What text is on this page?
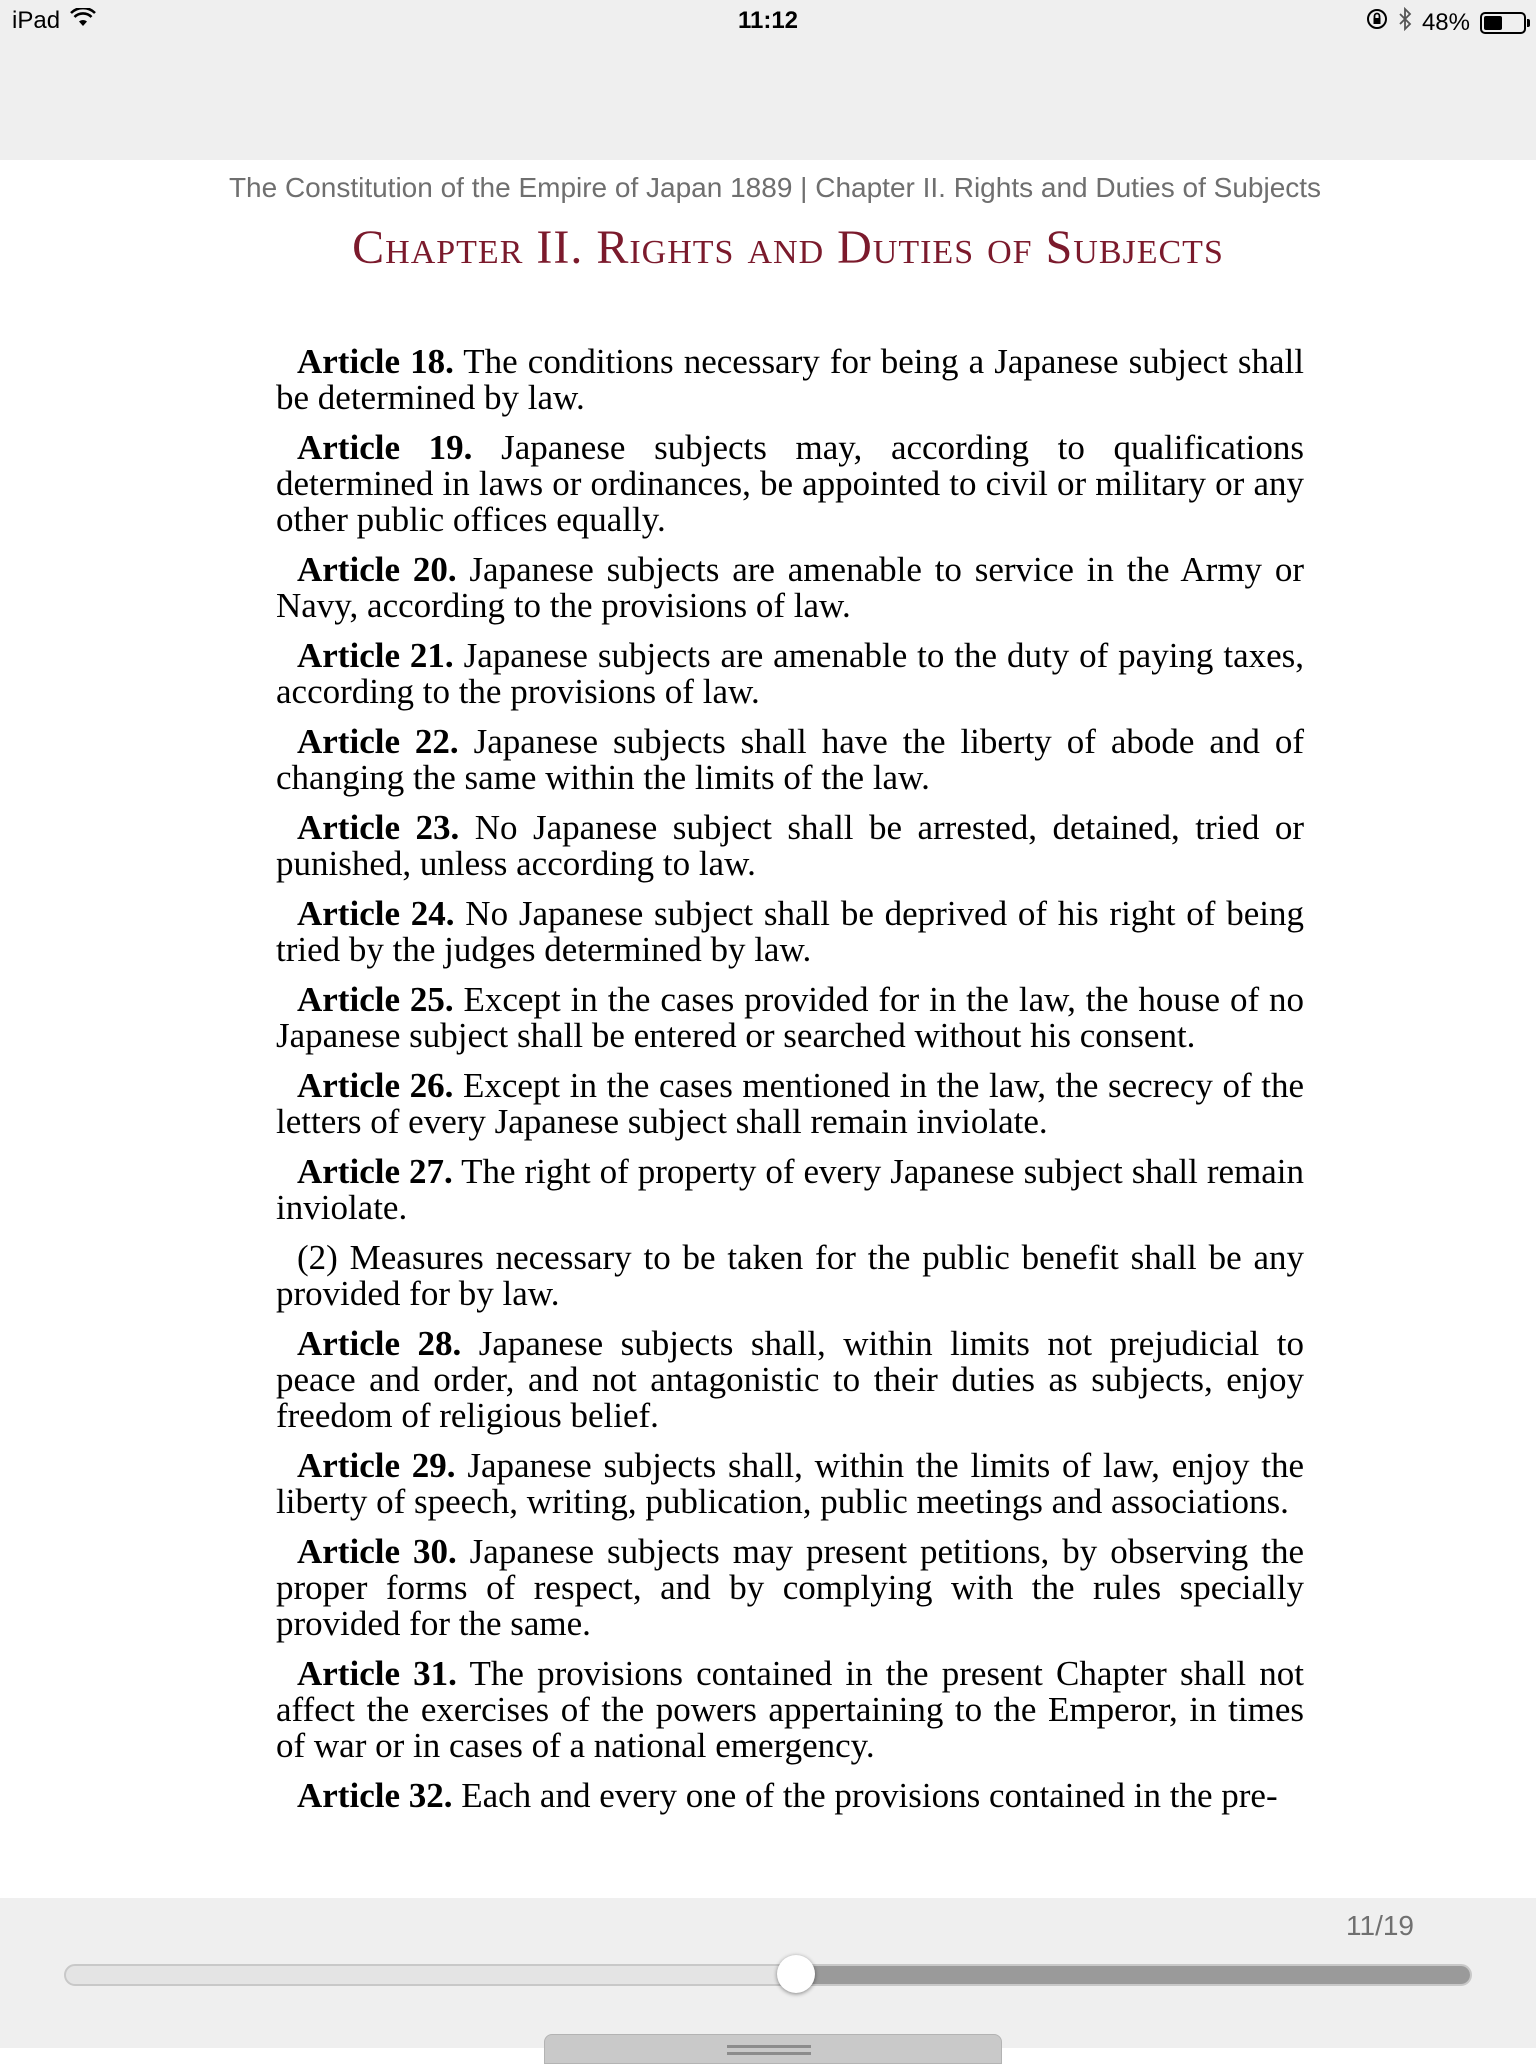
iPad	11:12	48%
The Constitution of the Empire of Japan 1889 | Chapter II. Rights and Duties of Subjects
Chapter II. Rights and Duties of Subjects

Article 18. The conditions necessary for being a Japanese subject shall be determined by law.

Article 19. Japanese subjects may, according to qualifications determined in laws or ordinances, be appointed to civil or military or any other public offices equally.

Article 20. Japanese subjects are amenable to service in the Army or Navy, according to the provisions of law.

Article 21. Japanese subjects are amenable to the duty of paying taxes, according to the provisions of law.

Article 22. Japanese subjects shall have the liberty of abode and of changing the same within the limits of the law.

Article 23. No Japanese subject shall be arrested, detained, tried or punished, unless according to law.

Article 24. No Japanese subject shall be deprived of his right of being tried by the judges determined by law.

Article 25. Except in the cases provided for in the law, the house of no Japanese subject shall be entered or searched without his consent.

Article 26. Except in the cases mentioned in the law, the secrecy of the letters of every Japanese subject shall remain inviolate.

Article 27. The right of property of every Japanese subject shall remain inviolate.

(2) Measures necessary to be taken for the public benefit shall be any provided for by law.

Article 28. Japanese subjects shall, within limits not prejudicial to peace and order, and not antagonistic to their duties as subjects, enjoy freedom of religious belief.

Article 29. Japanese subjects shall, within the limits of law, enjoy the liberty of speech, writing, publication, public meetings and associations.

Article 30. Japanese subjects may present petitions, by observing the proper forms of respect, and by complying with the rules specially provided for the same.

Article 31. The provisions contained in the present Chapter shall not affect the exercises of the powers appertaining to the Emperor, in times of war or in cases of a national emergency.

Article 32. Each and every one of the provisions contained in the pre-

11/19
